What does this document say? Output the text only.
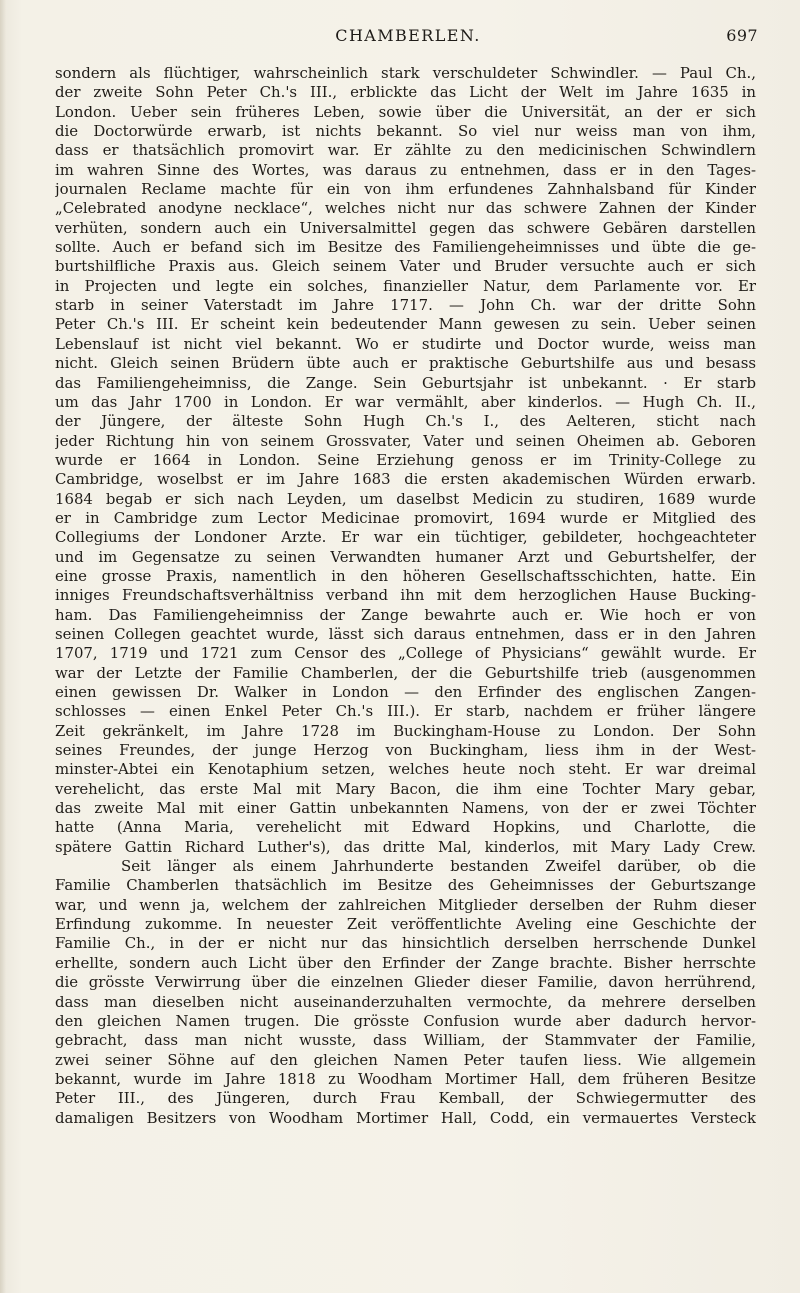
CHAMBERLEN.	697
sondern als flüchtiger, wahrscheinlich stark verschuldeter Schwindler. — Paul Ch.,
der zweite Sohn Peter Ch.'s III., erblickte das Licht der Welt im Jahre 1635 in
London. Ueber sein früheres Leben, sowie über die Universität, an der er sich
die Doctorwürde erwarb, ist nichts bekannt. So viel nur weiss man von ihm,
dass er thatsächlich promovirt war. Er zählte zu den medicinischen Schwindlern
im wahren Sinne des Wortes, was daraus zu entnehmen, dass er in den Tages-
journalen Reclame machte für ein von ihm erfundenes Zahnhalsband für Kinder
„Celebrated anodyne necklace“, welches nicht nur das schwere Zahnen der Kinder
verhüten, sondern auch ein Universalmittel gegen das schwere Gebären darstellen
sollte. Auch er befand sich im Besitze des Familiengeheimnisses und übte die ge-
burtshilfliche Praxis aus. Gleich seinem Vater und Bruder versuchte auch er sich
in Projecten und legte ein solches, finanzieller Natur, dem Parlamente vor. Er
starb in seiner Vaterstadt im Jahre 1717. — John Ch. war der dritte Sohn
Peter Ch.'s III. Er scheint kein bedeutender Mann gewesen zu sein. Ueber seinen
Lebenslauf ist nicht viel bekannt. Wo er studirte und Doctor wurde, weiss man
nicht. Gleich seinen Brüdern übte auch er praktische Geburtshilfe aus und besass
das Familiengeheimniss, die Zange. Sein Geburtsjahr ist unbekannt. · Er starb
um das Jahr 1700 in London. Er war vermählt, aber kinderlos. — Hugh Ch. II.,
der Jüngere, der älteste Sohn Hugh Ch.'s I., des Aelteren, sticht nach
jeder Richtung hin von seinem Grossvater, Vater und seinen Oheimen ab. Geboren
wurde er 1664 in London. Seine Erziehung genoss er im Trinity-College zu
Cambridge, woselbst er im Jahre 1683 die ersten akademischen Würden erwarb.
1684 begab er sich nach Leyden, um daselbst Medicin zu studiren, 1689 wurde
er in Cambridge zum Lector Medicinae promovirt, 1694 wurde er Mitglied des
Collegiums der Londoner Arzte. Er war ein tüchtiger, gebildeter, hochgeachteter
und im Gegensatze zu seinen Verwandten humaner Arzt und Geburtshelfer, der
eine grosse Praxis, namentlich in den höheren Gesellschaftsschichten, hatte. Ein
inniges Freundschaftsverhältniss verband ihn mit dem herzoglichen Hause Bucking-
ham. Das Familiengeheimniss der Zange bewahrte auch er. Wie hoch er von
seinen Collegen geachtet wurde, lässt sich daraus entnehmen, dass er in den Jahren
1707, 1719 und 1721 zum Censor des „College of Physicians“ gewählt wurde. Er
war der Letzte der Familie Chamberlen, der die Geburtshilfe trieb (ausgenommen
einen gewissen Dr. Walker in London — den Erfinder des englischen Zangen-
schlosses — einen Enkel Peter Ch.'s III.). Er starb, nachdem er früher längere
Zeit gekränkelt, im Jahre 1728 im Buckingham-House zu London. Der Sohn
seines Freundes, der junge Herzog von Buckingham, liess ihm in der West-
minster-Abtei ein Kenotaphium setzen, welches heute noch steht. Er war dreimal
verehelicht, das erste Mal mit Mary Bacon, die ihm eine Tochter Mary gebar,
das zweite Mal mit einer Gattin unbekannten Namens, von der er zwei Töchter
hatte (Anna Maria, verehelicht mit Edward Hopkins, und Charlotte, die
spätere Gattin Richard Luther's), das dritte Mal, kinderlos, mit Mary Lady Crew.
Seit länger als einem Jahrhunderte bestanden Zweifel darüber, ob die
Familie Chamberlen thatsächlich im Besitze des Geheimnisses der Geburtszange
war, und wenn ja, welchem der zahlreichen Mitglieder derselben der Ruhm dieser
Erfindung zukomme. In neuester Zeit veröffentlichte Aveling eine Geschichte der
Familie Ch., in der er nicht nur das hinsichtlich derselben herrschende Dunkel
erhellte, sondern auch Licht über den Erfinder der Zange brachte. Bisher herrschte
die grösste Verwirrung über die einzelnen Glieder dieser Familie, davon herrührend,
dass man dieselben nicht auseinanderzuhalten vermochte, da mehrere derselben
den gleichen Namen trugen. Die grösste Confusion wurde aber dadurch hervor-
gebracht, dass man nicht wusste, dass William, der Stammvater der Familie,
zwei seiner Söhne auf den gleichen Namen Peter taufen liess. Wie allgemein
bekannt, wurde im Jahre 1818 zu Woodham Mortimer Hall, dem früheren Besitze
Peter III., des Jüngeren, durch Frau Kemball, der Schwiegermutter des
damaligen Besitzers von Woodham Mortimer Hall, Codd, ein vermauertes Versteck
